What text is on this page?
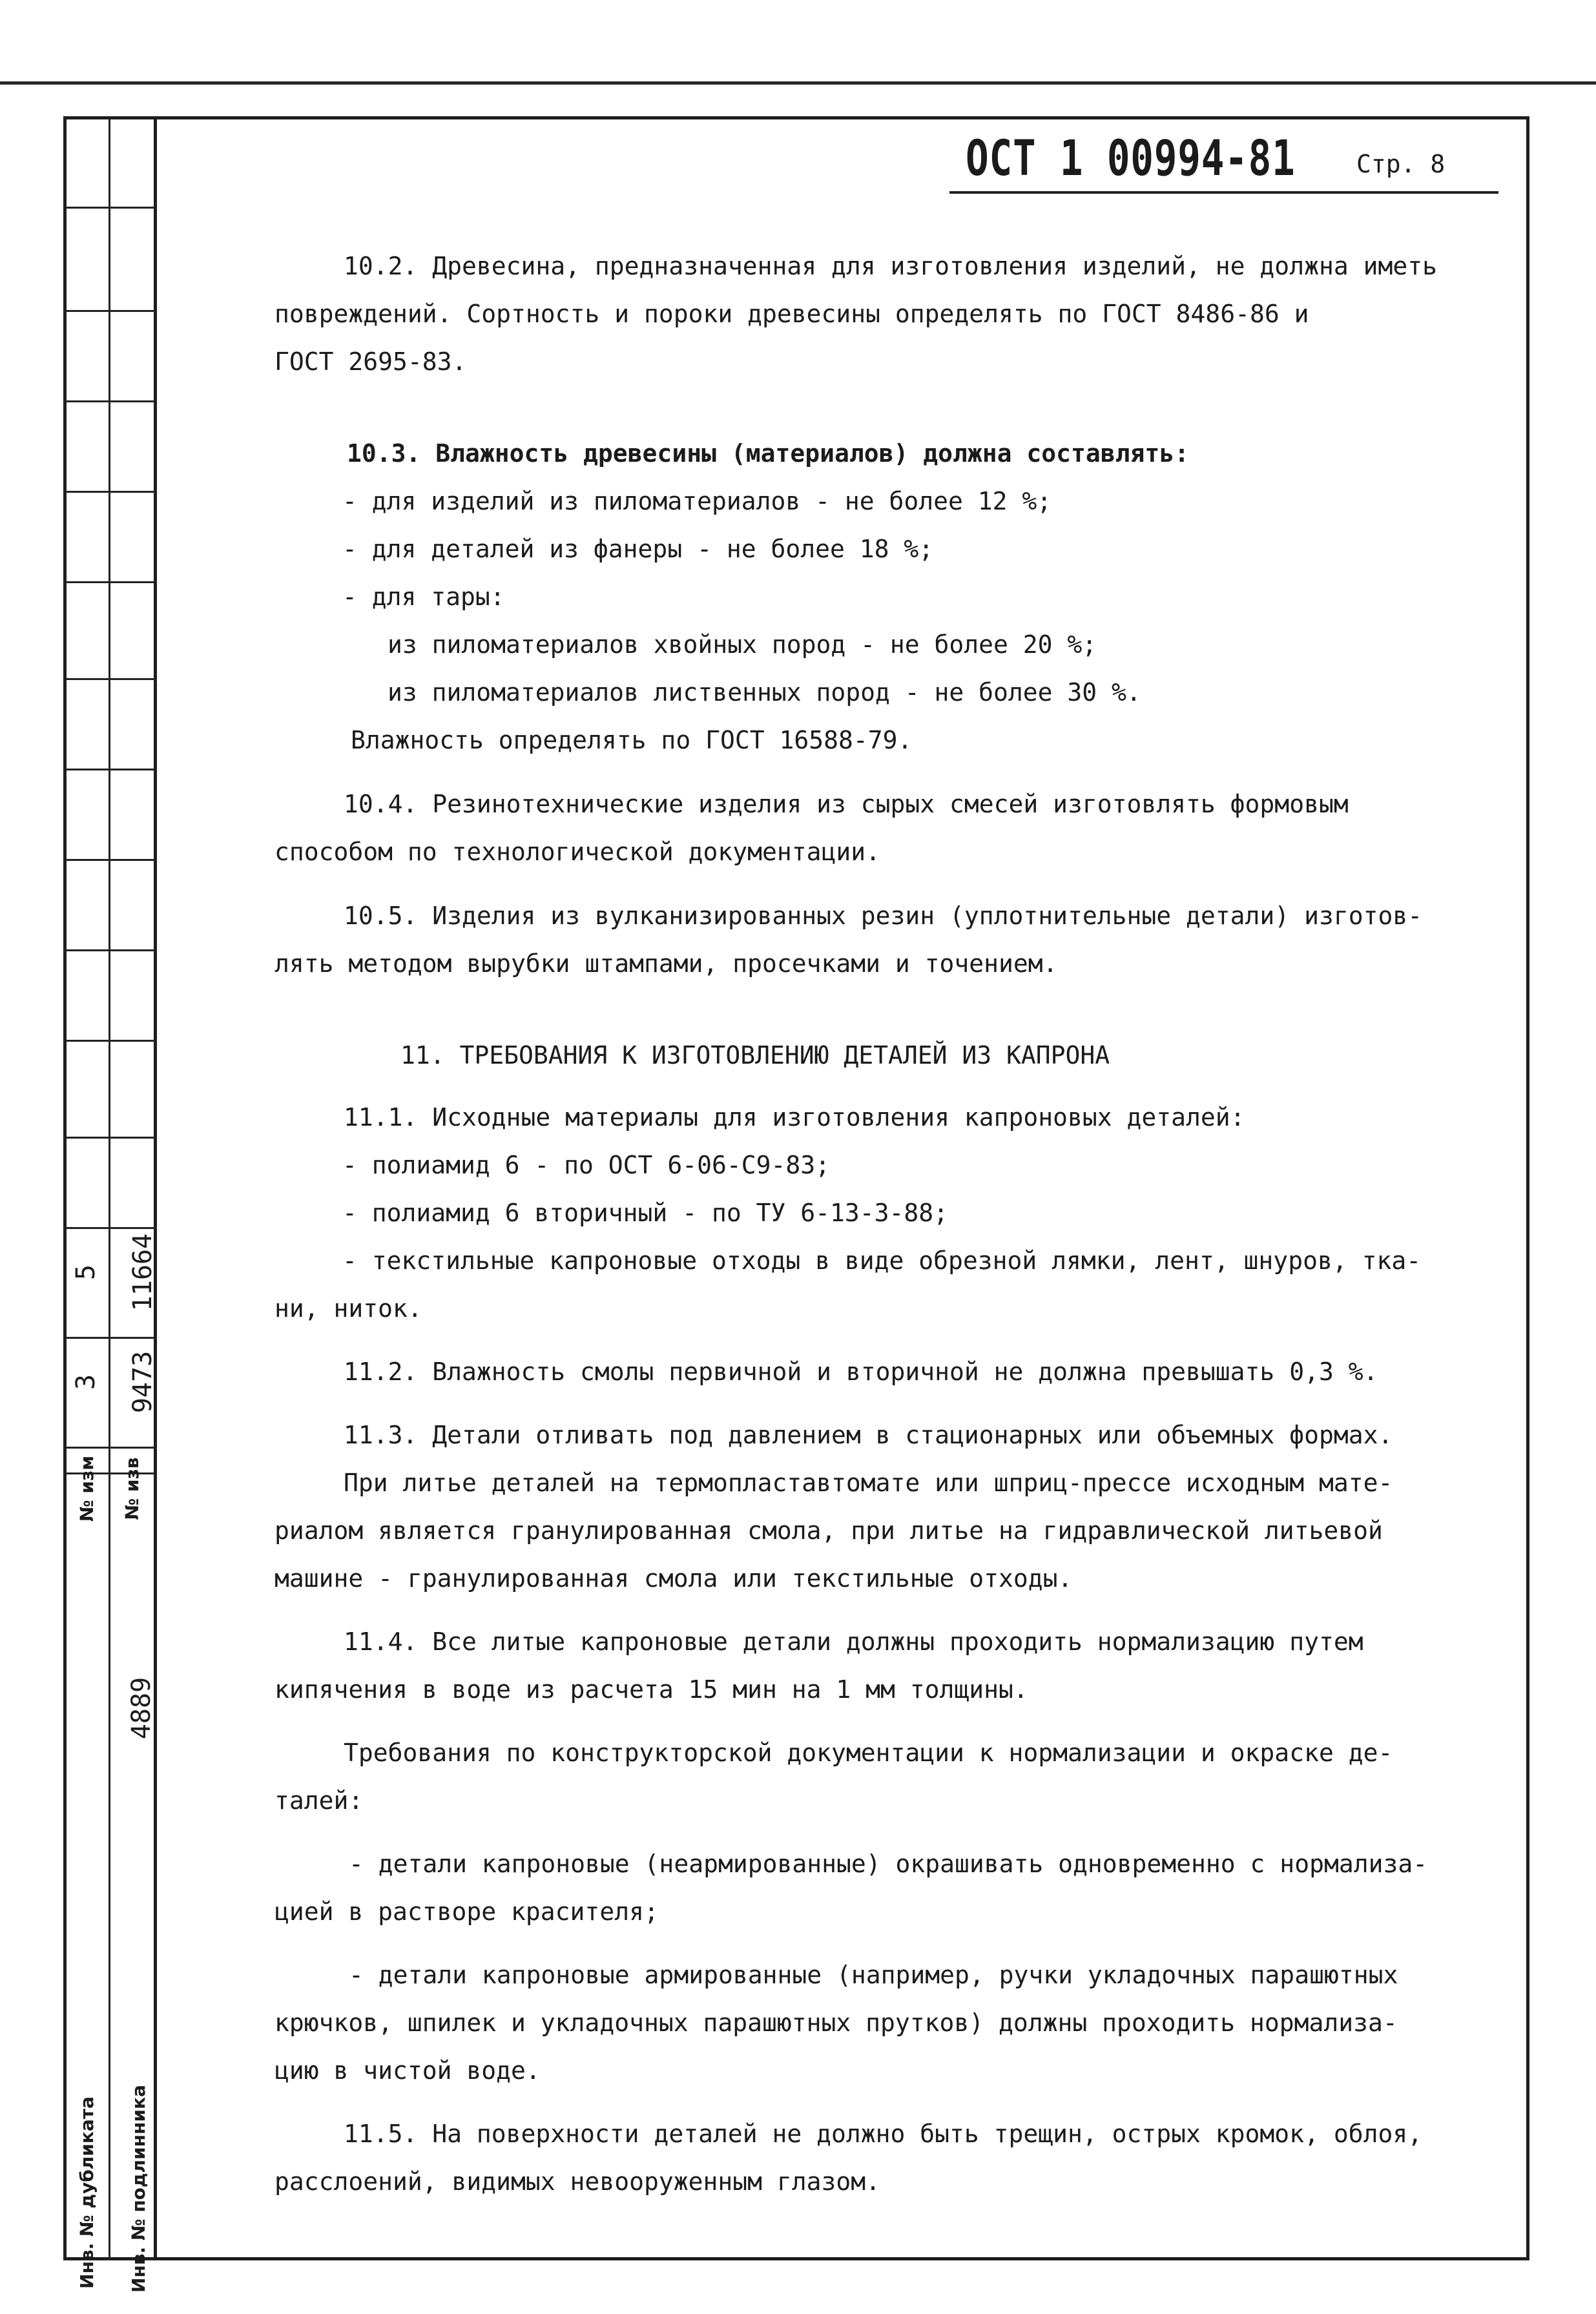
5 11664
3 9473
№ изм № изв
4889
Инв. № дубликата Инв. № подлинника
ОСТ 1 00994-81 Стр. 8
10.2. Древесина, предназначенная для изготовления изделий, не должна иметь
повреждений. Сортность и пороки древесины определять по ГОСТ 8486-86 и
ГОСТ 2695-83.
10.3. Влажность древесины (материалов) должна составлять:
- для изделий из пиломатериалов - не более 12 %;
- для деталей из фанеры - не более 18 %;
- для тары:
из пиломатериалов хвойных пород - не более 20 %;
из пиломатериалов лиственных пород - не более 30 %.
Влажность определять по ГОСТ 16588-79.
10.4. Резинотехнические изделия из сырых смесей изготовлять формовым
способом по технологической документации.
10.5. Изделия из вулканизированных резин (уплотнительные детали) изготов-
лять методом вырубки штампами, просечками и точением.
11. ТРЕБОВАНИЯ К ИЗГОТОВЛЕНИЮ ДЕТАЛЕЙ ИЗ КАПРОНА
11.1. Исходные материалы для изготовления капроновых деталей:
- полиамид 6 - по ОСТ 6-06-С9-83;
- полиамид 6 вторичный - по ТУ 6-13-3-88;
- текстильные капроновые отходы в виде обрезной лямки, лент, шнуров, тка-
ни, ниток.
11.2. Влажность смолы первичной и вторичной не должна превышать 0,3 %.
11.3. Детали отливать под давлением в стационарных или объемных формах.
При литье деталей на термопластавтомате или шприц-прессе исходным мате-
риалом является гранулированная смола, при литье на гидравлической литьевой
машине - гранулированная смола или текстильные отходы.
11.4. Все литые капроновые детали должны проходить нормализацию путем
кипячения в воде из расчета 15 мин на 1 мм толщины.
Требования по конструкторской документации к нормализации и окраске де-
талей:
- детали капроновые (неармированные) окрашивать одновременно с нормализа-
цией в растворе красителя;
- детали капроновые армированные (например, ручки укладочных парашютных
крючков, шпилек и укладочных парашютных прутков) должны проходить нормализа-
цию в чистой воде.
11.5. На поверхности деталей не должно быть трещин, острых кромок, облоя,
расслоений, видимых невооруженным глазом.
